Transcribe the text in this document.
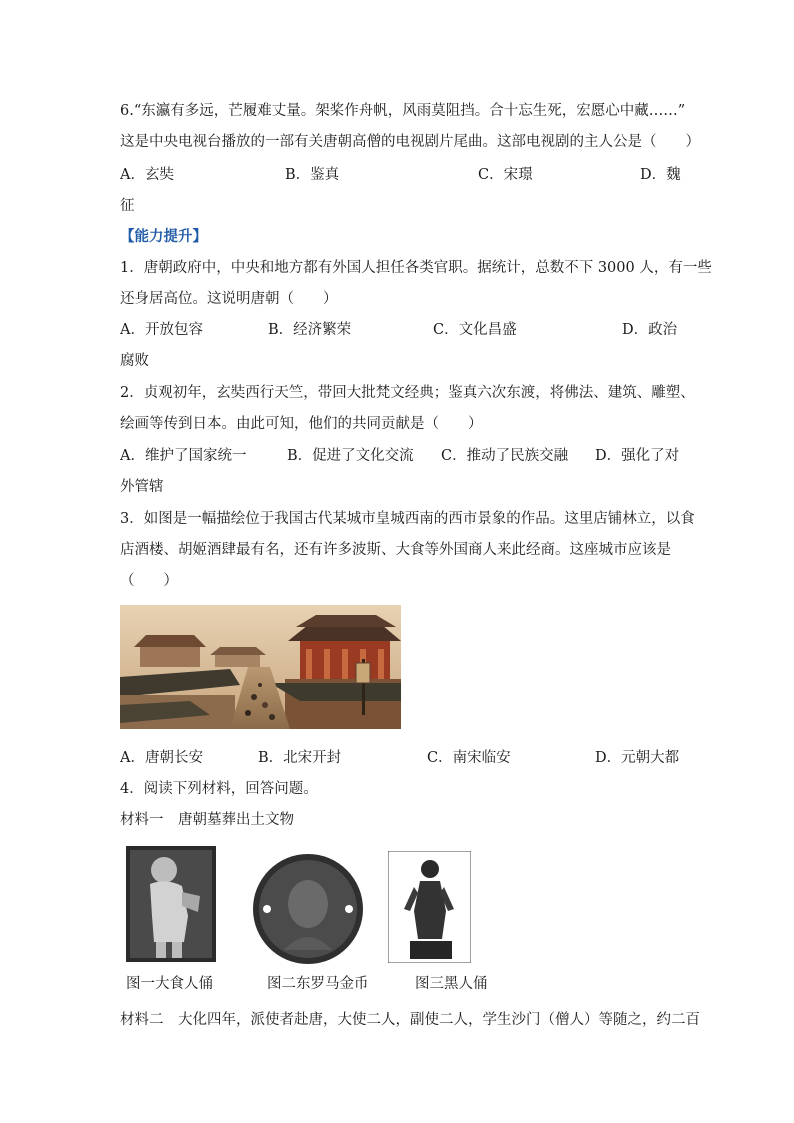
6.“东瀛有多远，芒履难丈量。架桨作舟帆，风雨莫阻挡。合十忘生死，宏愿心中藏……”
这是中央电视台播放的一部有关唐朝高僧的电视剧片尾曲。这部电视剧的主人公是（　　）
A．玄奘	B．鉴真	C．宋璟	D．魏
征
【能力提升】
1．唐朝政府中，中央和地方都有外国人担任各类官职。据统计，总数不下 3000 人，有一些
还身居高位。这说明唐朝（　　）
A．开放包容	B．经济繁荣	C．文化昌盛	D．政治
腐败
2．贞观初年，玄奘西行天竺，带回大批梵文经典；鉴真六次东渡，将佛法、建筑、雕塑、
绘画等传到日本。由此可知，他们的共同贡献是（　　）
A．维护了国家统一	B．促进了文化交流 C．推动了民族交融 D．强化了对
外管辖
3．如图是一幅描绘位于我国古代某城市皇城西南的西市景象的作品。这里店铺林立，以食
店酒楼、胡姬酒肆最有名，还有许多波斯、大食等外国商人来此经商。这座城市应该是
（　　）
A．唐朝长安	B．北宋开封	C．南宋临安	D．元朝大都
4．阅读下列材料，回答问题。
材料一　唐朝墓葬出土文物
图一大食人俑	图二东罗马金币	图三黑人俑
材料二　大化四年，派使者赴唐，大使二人，副使二人，学生沙门（僧人）等随之，约二百
